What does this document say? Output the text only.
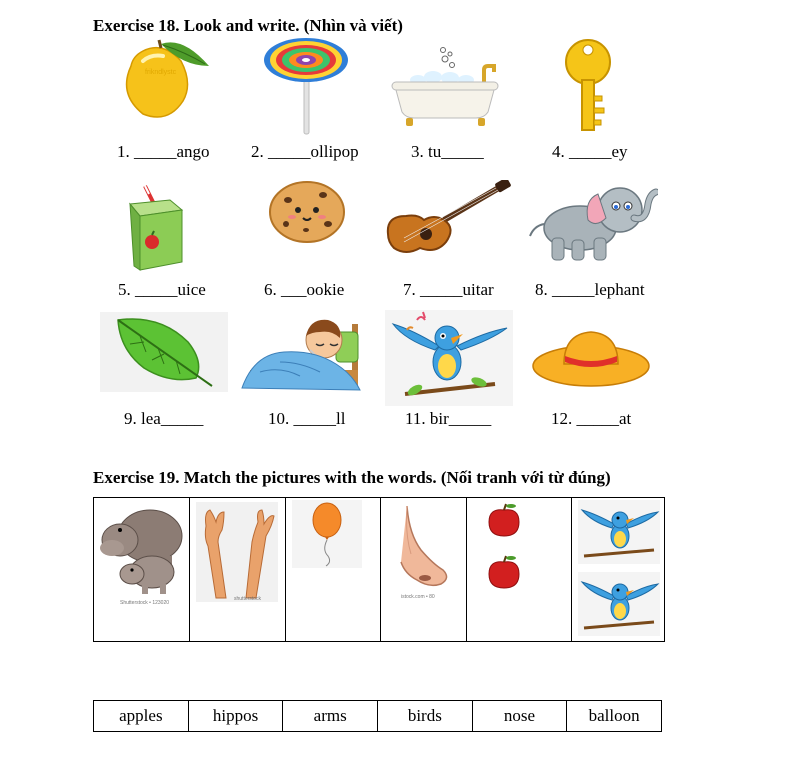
Exercise 18. Look and write. (Nhìn và viết)
frikndlystc
1. _____ango 2. _____ollipop	3. tu_____	4. _____ey
5. _____uice	6. ___ookie	7. _____uitar 8. _____lephant
9. lea_____	10. _____ll	11. bir_____	12. _____at
Exercise 19. Match the pictures with the words. (Nối tranh với từ đúng)
Shutterstock • 123020

shutterstock		istock.com • 80

apples	hippos	arms	birds	nose	balloon
